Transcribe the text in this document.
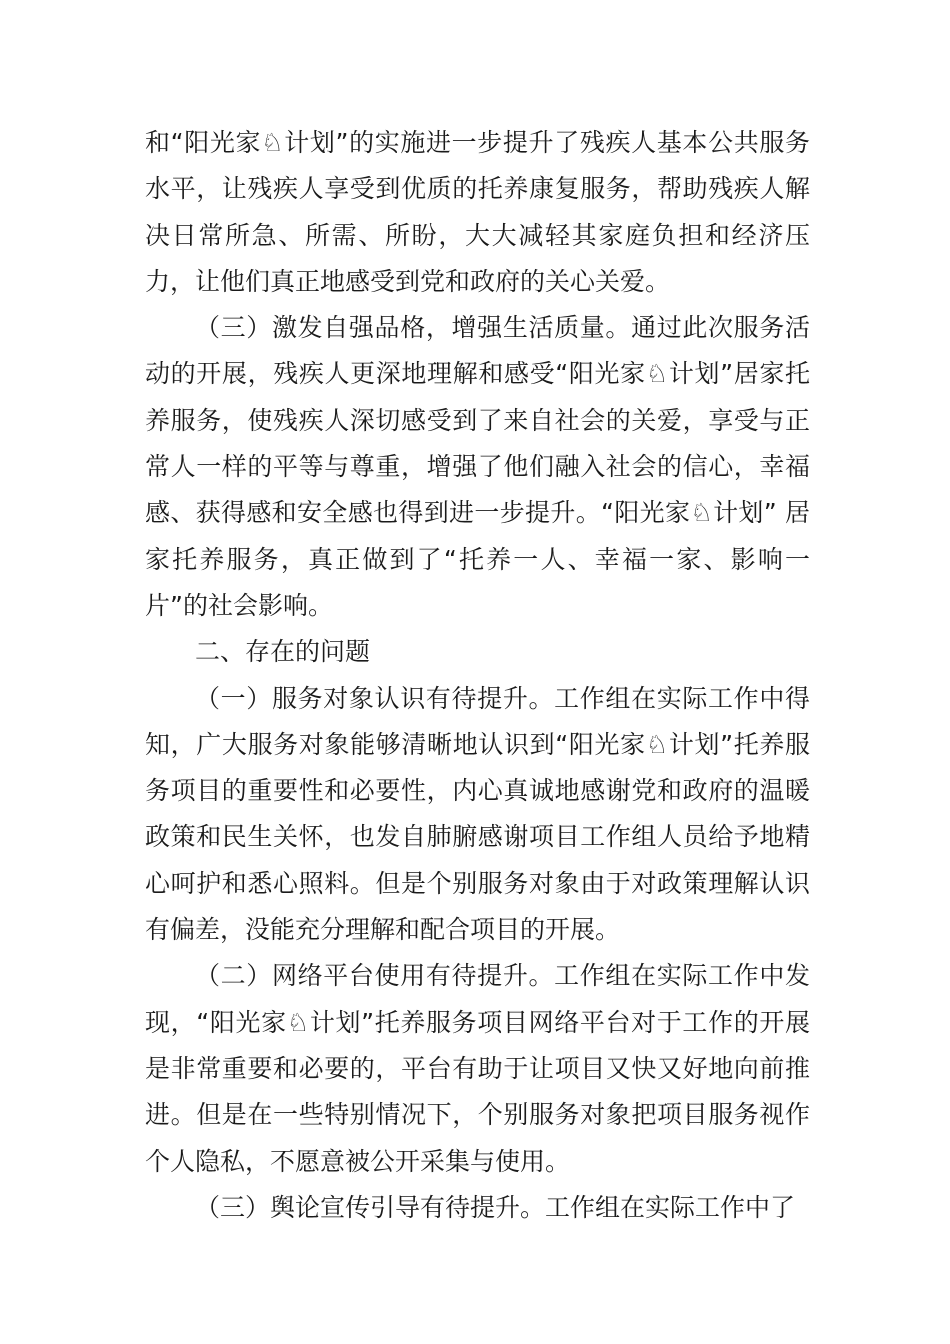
和“阳光家♘计划”的实施进一步提升了残疾人基本公共服务水平，让残疾人享受到优质的托养康复服务，帮助残疾人解决日常所急、所需、所盼，大大减轻其家庭负担和经济压力，让他们真正地感受到党和政府的关心关爱。

（三）激发自强品格，增强生活质量。通过此次服务活动的开展，残疾人更深地理解和感受“阳光家♘计划”居家托养服务，使残疾人深切感受到了来自社会的关爱，享受与正常人一样的平等与尊重，增强了他们融入社会的信心，幸福感、获得感和安全感也得到进一步提升。“阳光家♘计划” 居家托养服务，真正做到了“托养一人、幸福一家、影响一片”的社会影响。

二、存在的问题

（一）服务对象认识有待提升。工作组在实际工作中得知，广大服务对象能够清晰地认识到“阳光家♘计划”托养服务项目的重要性和必要性，内心真诚地感谢党和政府的温暖政策和民生关怀，也发自肺腑感谢项目工作组人员给予地精心呵护和悉心照料。但是个别服务对象由于对政策理解认识有偏差，没能充分理解和配合项目的开展。

（二）网络平台使用有待提升。工作组在实际工作中发现，“阳光家♘计划”托养服务项目网络平台对于工作的开展是非常重要和必要的，平台有助于让项目又快又好地向前推进。但是在一些特别情况下，个别服务对象把项目服务视作个人隐私，不愿意被公开采集与使用。

（三）舆论宣传引导有待提升。工作组在实际工作中了
